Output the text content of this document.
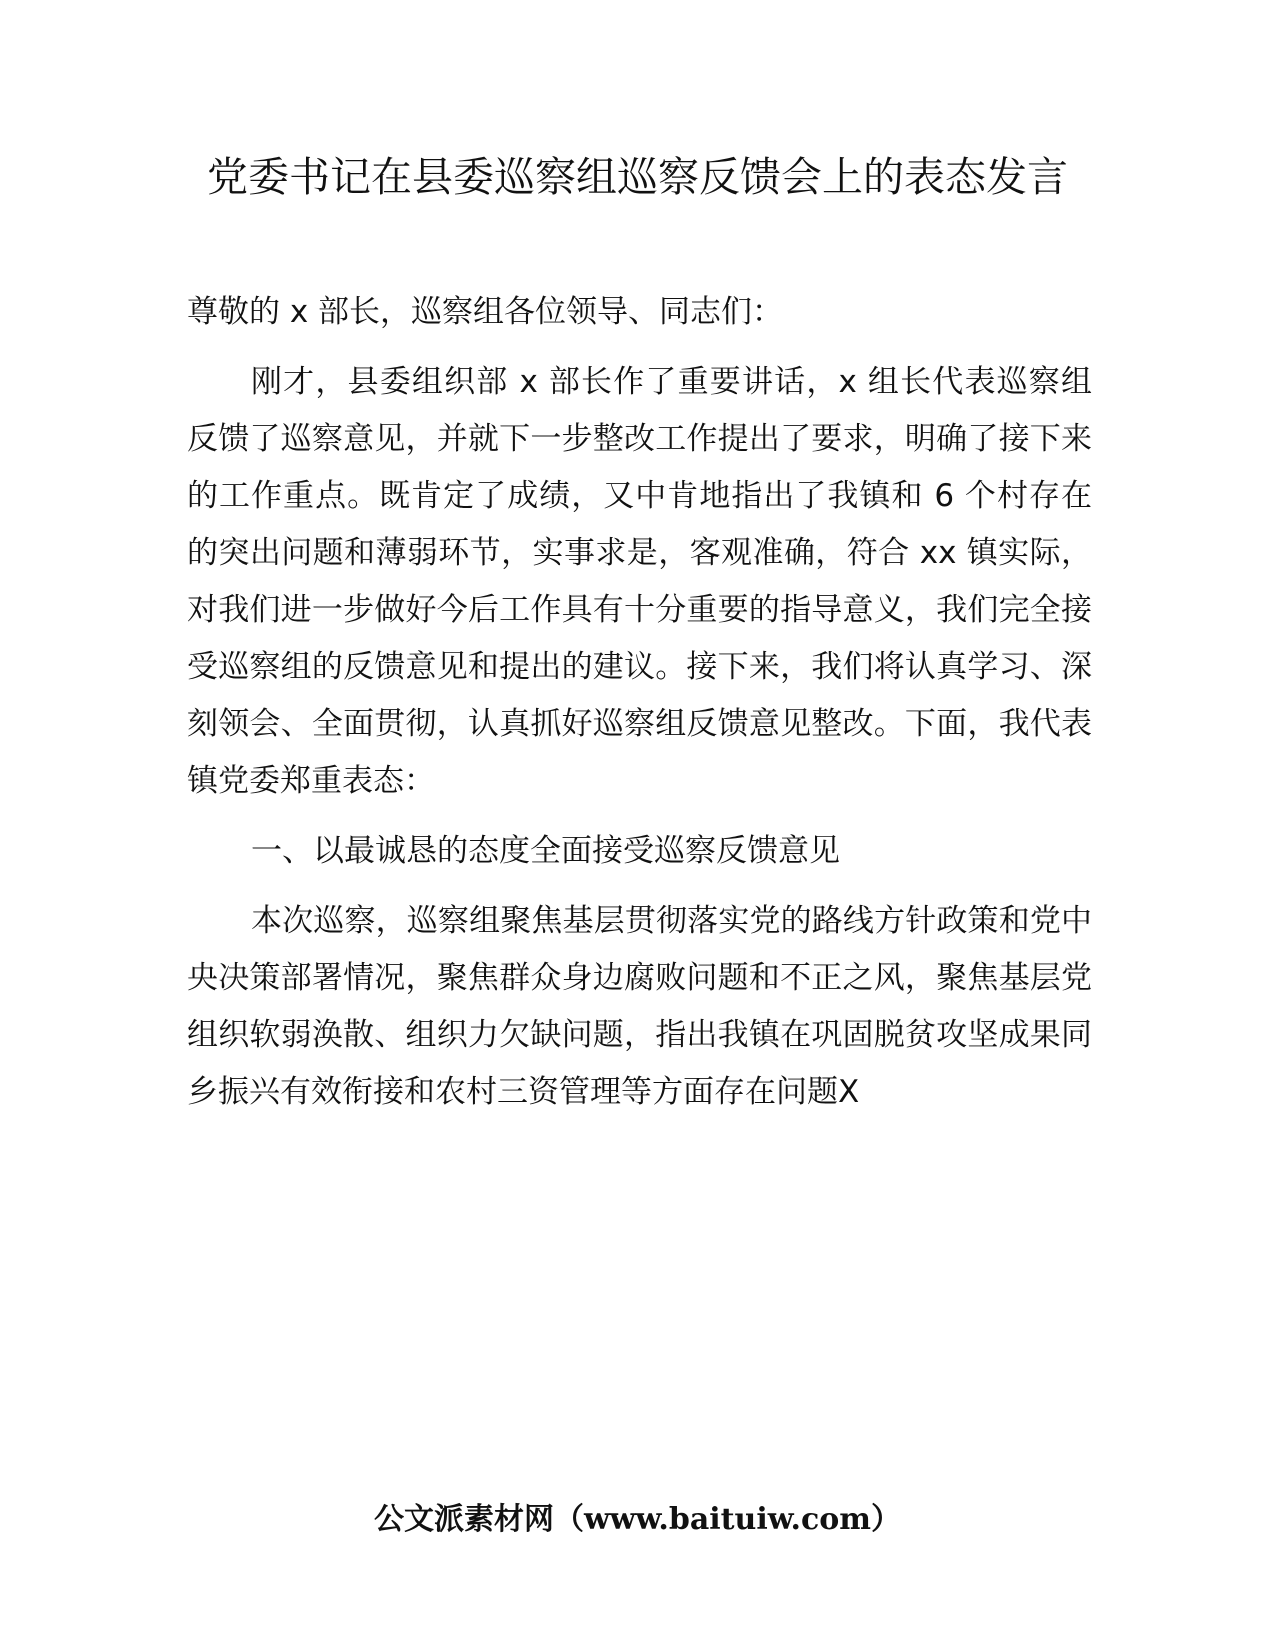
党委书记在县委巡察组巡察反馈会上的表态发言

尊敬的 x 部长，巡察组各位领导、同志们：

刚才，县委组织部 x 部长作了重要讲话，x 组长代表巡察组反馈了巡察意见，并就下一步整改工作提出了要求，明确了接下来的工作重点。既肯定了成绩，又中肯地指出了我镇和 6 个村存在的突出问题和薄弱环节，实事求是，客观准确，符合 xx 镇实际，对我们进一步做好今后工作具有十分重要的指导意义，我们完全接受巡察组的反馈意见和提出的建议。接下来，我们将认真学习、深刻领会、全面贯彻，认真抓好巡察组反馈意见整改。下面，我代表镇党委郑重表态：

一、以最诚恳的态度全面接受巡察反馈意见

本次巡察，巡察组聚焦基层贯彻落实党的路线方针政策和党中央决策部署情况，聚焦群众身边腐败问题和不正之风，聚焦基层党组织软弱涣散、组织力欠缺问题，指出我镇在巩固脱贫攻坚成果同乡振兴有效衔接和农村三资管理等方面存在问题X

公文派素材网（www.baituiw.com）
